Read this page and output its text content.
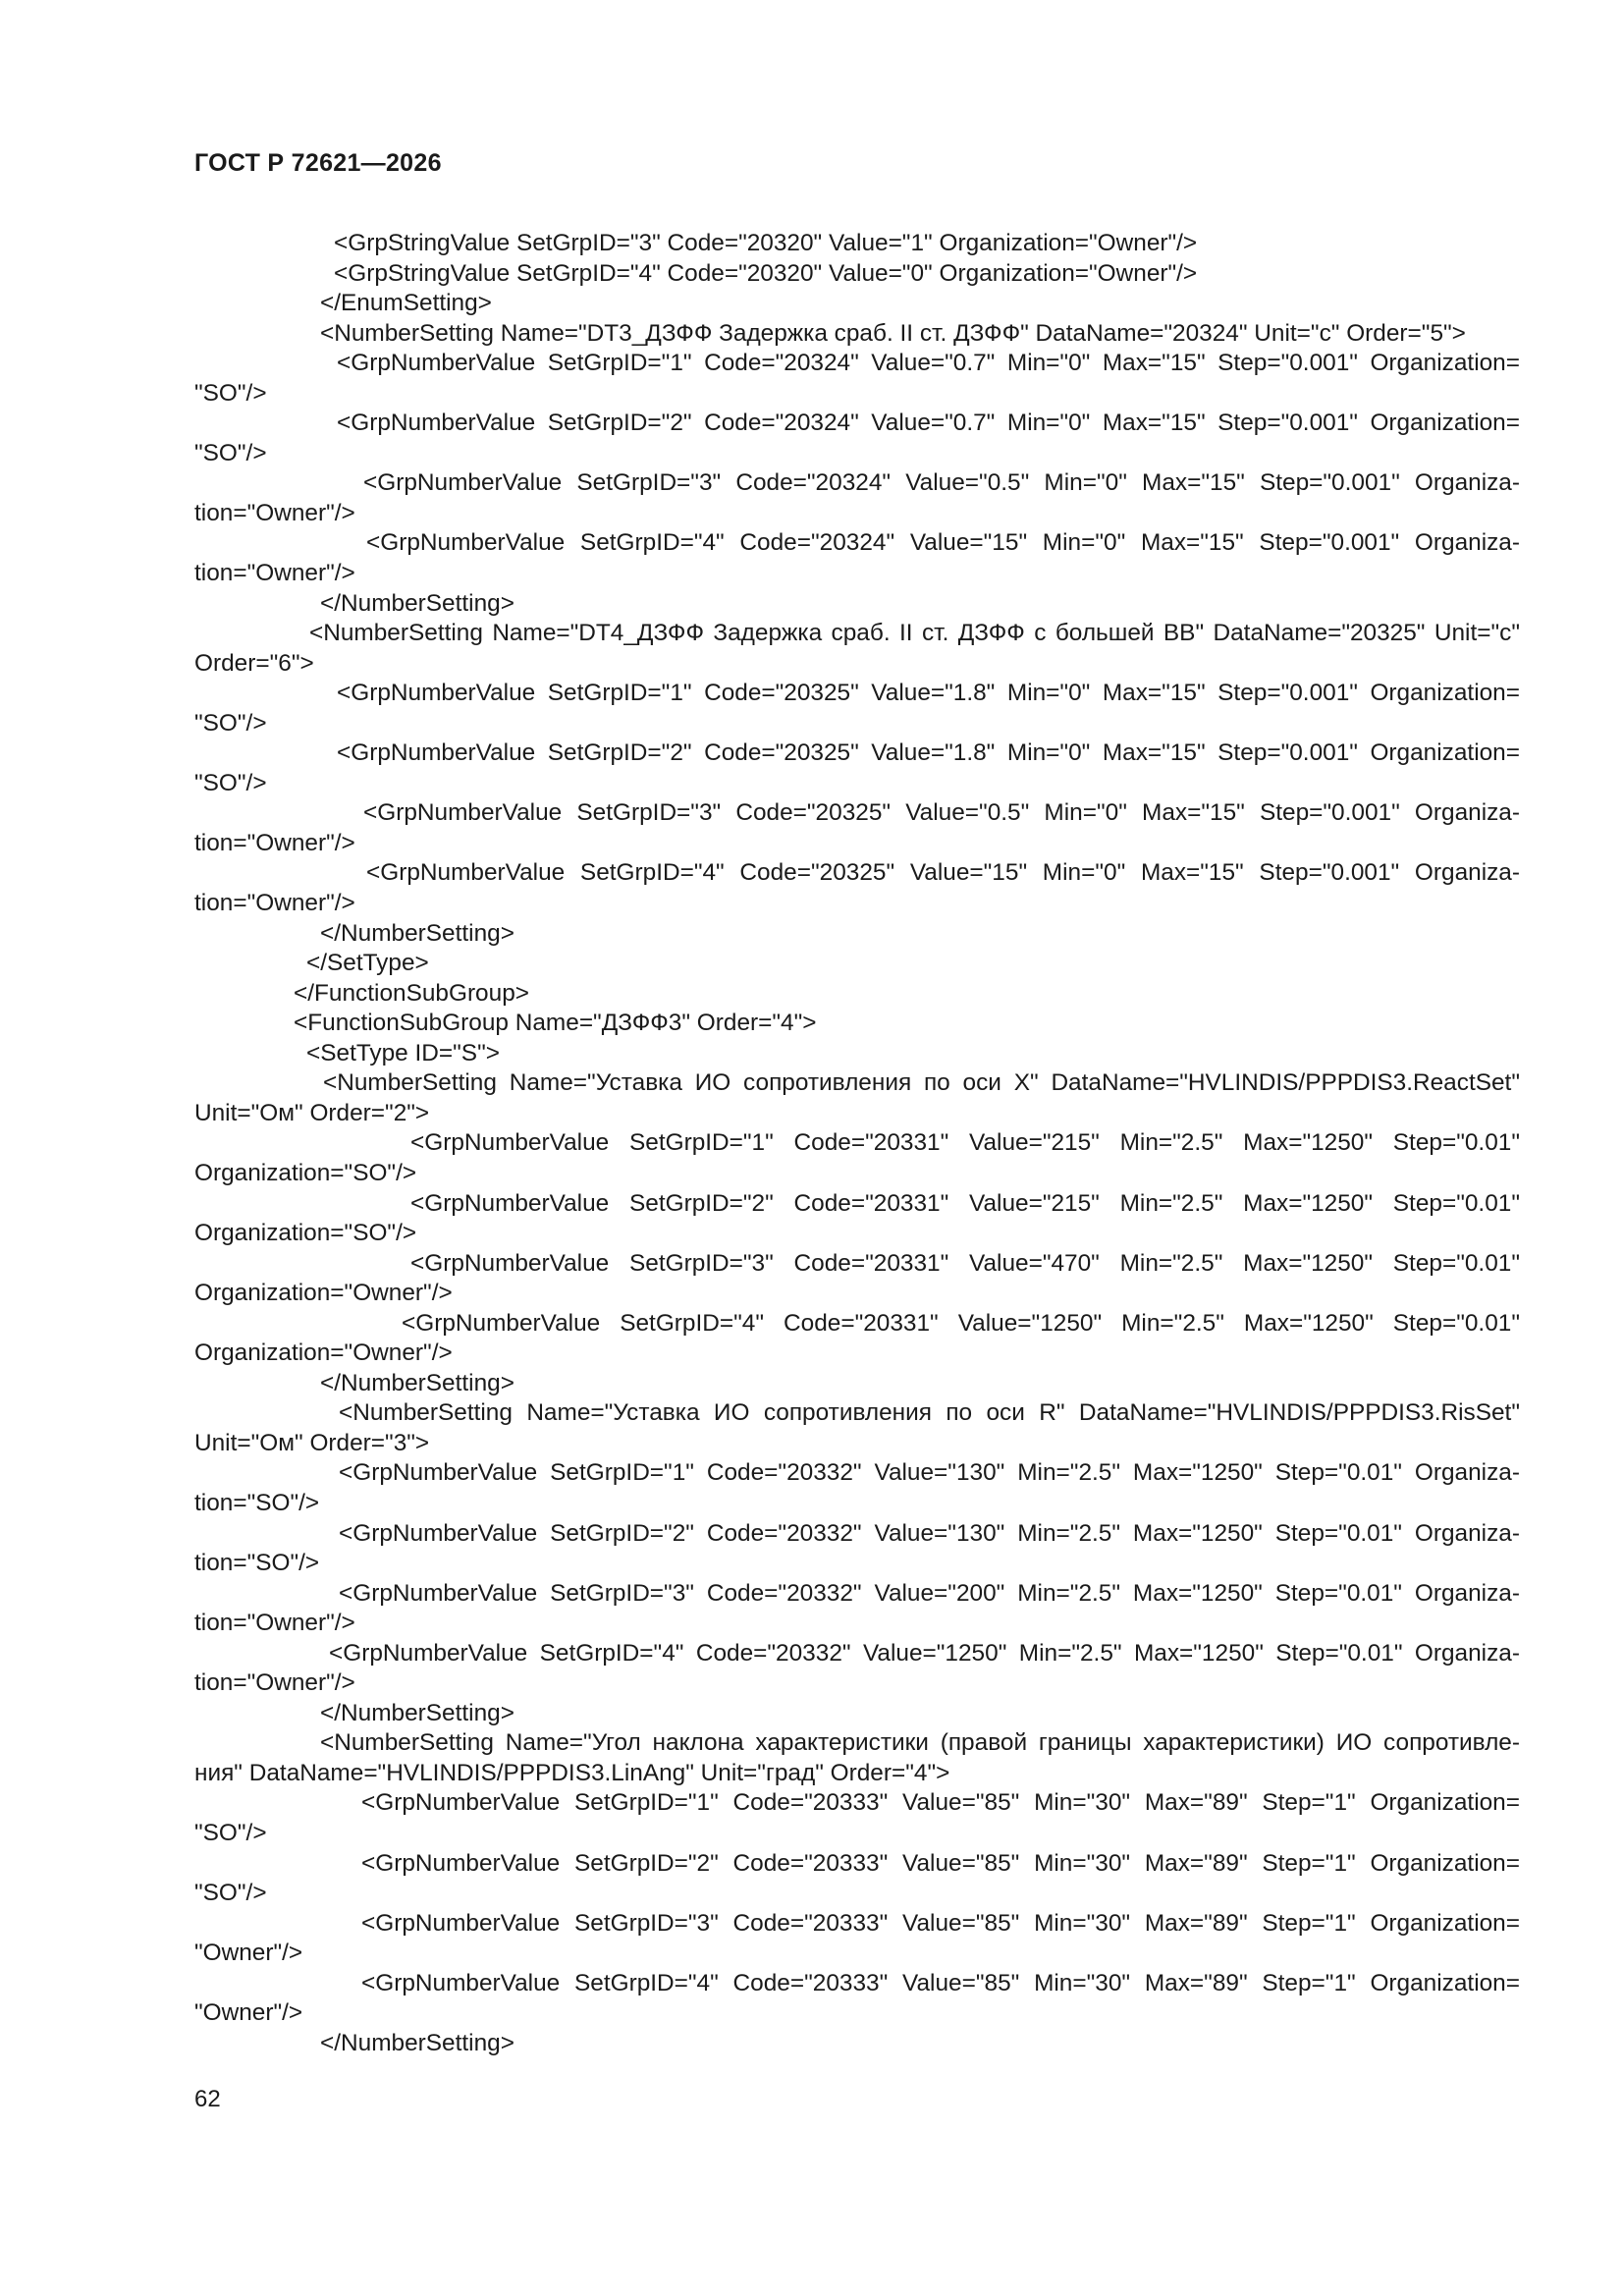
ГОСТ Р 72621—2026
<GrpStringValue SetGrpID="3" Code="20320" Value="1" Organization="Owner"/>
<GrpStringValue SetGrpID="4" Code="20320" Value="0" Organization="Owner"/>
</EnumSetting>
<NumberSetting Name="DT3_ДЗФФ Задержка сраб. II ст. ДЗФФ" DataName="20324" Unit="с" Order="5">
<GrpNumberValue SetGrpID="1" Code="20324" Value="0.7" Min="0" Max="15" Step="0.001" Organization=
"SO"/>
<GrpNumberValue SetGrpID="2" Code="20324" Value="0.7" Min="0" Max="15" Step="0.001" Organization=
"SO"/>
<GrpNumberValue SetGrpID="3" Code="20324" Value="0.5" Min="0" Max="15" Step="0.001" Organiza-
tion="Owner"/>
<GrpNumberValue SetGrpID="4" Code="20324" Value="15" Min="0" Max="15" Step="0.001" Organiza-
tion="Owner"/>
</NumberSetting>
<NumberSetting Name="DT4_ДЗФФ Задержка сраб. II ст. ДЗФФ с большей ВВ" DataName="20325" Unit="с"
Order="6">
<GrpNumberValue SetGrpID="1" Code="20325" Value="1.8" Min="0" Max="15" Step="0.001" Organization=
"SO"/>
<GrpNumberValue SetGrpID="2" Code="20325" Value="1.8" Min="0" Max="15" Step="0.001" Organization=
"SO"/>
<GrpNumberValue SetGrpID="3" Code="20325" Value="0.5" Min="0" Max="15" Step="0.001" Organiza-
tion="Owner"/>
<GrpNumberValue SetGrpID="4" Code="20325" Value="15" Min="0" Max="15" Step="0.001" Organiza-
tion="Owner"/>
</NumberSetting>
</SetType>
</FunctionSubGroup>
<FunctionSubGroup Name="ДЗФФ3" Order="4">
<SetType ID="S">
<NumberSetting Name="Уставка ИО сопротивления по оси X" DataName="HVLINDIS/PPPDIS3.ReactSet"
Unit="Ом" Order="2">
<GrpNumberValue SetGrpID="1" Code="20331" Value="215" Min="2.5" Max="1250" Step="0.01"
Organization="SO"/>
<GrpNumberValue SetGrpID="2" Code="20331" Value="215" Min="2.5" Max="1250" Step="0.01"
Organization="SO"/>
<GrpNumberValue SetGrpID="3" Code="20331" Value="470" Min="2.5" Max="1250" Step="0.01"
Organization="Owner"/>
<GrpNumberValue SetGrpID="4" Code="20331" Value="1250" Min="2.5" Max="1250" Step="0.01"
Organization="Owner"/>
</NumberSetting>
<NumberSetting Name="Уставка ИО сопротивления по оси R" DataName="HVLINDIS/PPPDIS3.RisSet"
Unit="Ом" Order="3">
<GrpNumberValue SetGrpID="1" Code="20332" Value="130" Min="2.5" Max="1250" Step="0.01" Organiza-
tion="SO"/>
<GrpNumberValue SetGrpID="2" Code="20332" Value="130" Min="2.5" Max="1250" Step="0.01" Organiza-
tion="SO"/>
<GrpNumberValue SetGrpID="3" Code="20332" Value="200" Min="2.5" Max="1250" Step="0.01" Organiza-
tion="Owner"/>
<GrpNumberValue SetGrpID="4" Code="20332" Value="1250" Min="2.5" Max="1250" Step="0.01" Organiza-
tion="Owner"/>
</NumberSetting>
<NumberSetting Name="Угол наклона характеристики (правой границы характеристики) ИО сопротивле-
ния" DataName="HVLINDIS/PPPDIS3.LinAng" Unit="град" Order="4">
<GrpNumberValue SetGrpID="1" Code="20333" Value="85" Min="30" Max="89" Step="1" Organization=
"SO"/>
<GrpNumberValue SetGrpID="2" Code="20333" Value="85" Min="30" Max="89" Step="1" Organization=
"SO"/>
<GrpNumberValue SetGrpID="3" Code="20333" Value="85" Min="30" Max="89" Step="1" Organization=
"Owner"/>
<GrpNumberValue SetGrpID="4" Code="20333" Value="85" Min="30" Max="89" Step="1" Organization=
"Owner"/>
</NumberSetting>
62
